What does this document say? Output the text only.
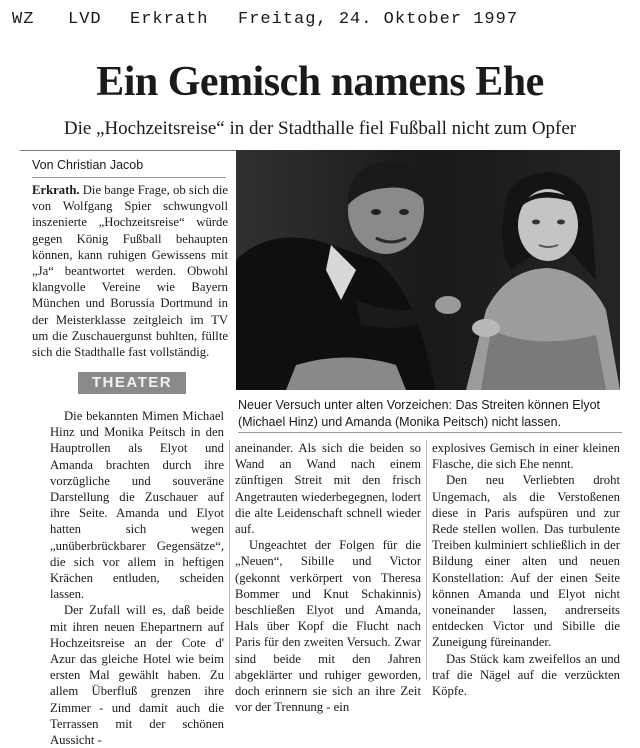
WZ LVD Erkrath Freitag, 24. Oktober 1997
Ein Gemisch namens Ehe
Die „Hochzeitsreise“ in der Stadthalle fiel Fußball nicht zum Opfer
Von Christian Jacob

Erkrath. Die bange Frage, ob sich die von Wolfgang Spier schwungvoll inszenierte „Hochzeitsreise“ würde gegen König Fußball behaupten können, kann ruhigen Gewissens mit „Ja“ beantwortet werden. Obwohl klangvolle Vereine wie Bayern München und Borussia Dortmund in der Meisterklasse zeitgleich im TV um die Zuschauergunst buhlten, füllte sich die Stadthalle fast vollständig.

THEATER
Neuer Versuch unter alten Vorzeichen: Das Streiten können Elyot
(Michael Hinz) und Amanda (Monika Peitsch) nicht lassen.

Die bekannten Mimen Michael Hinz und Monika Peitsch in den Hauptrollen als Elyot und Amanda brachten durch ihre vorzügliche und souveräne Darstellung die Zuschauer auf ihre Seite. Amanda und Elyot hatten sich wegen „unüberbrückbarer Gegensätze“, die sich vor allem in heftigen Krächen entluden, scheiden lassen.

Der Zufall will es, daß beide mit ihren neuen Ehepartnern auf Hochzeitsreise an der Cote d' Azur das gleiche Hotel wie beim ersten Mal gewählt haben. Zu allem Überfluß grenzen ihre Zimmer - und damit auch die Terrassen mit der schönen Aussicht -

aneinander. Als sich die beiden so Wand an Wand nach einem zünftigen Streit mit den frisch Angetrauten wiederbegegnen, lodert die alte Leidenschaft schnell wieder auf.

Ungeachtet der Folgen für die „Neuen“, Sibille und Victor (gekonnt verkörpert von Theresa Bommer und Knut Schakinnis) beschließen Elyot und Amanda, Hals über Kopf die Flucht nach Paris für den zweiten Versuch. Zwar sind beide mit den Jahren abgeklärter und ruhiger geworden, doch erinnern sie sich an ihre Zeit vor der Trennung - ein

explosives Gemisch in einer kleinen Flasche, die sich Ehe nennt.

Den neu Verliebten droht Ungemach, als die Verstoßenen diese in Paris aufspüren und zur Rede stellen wollen. Das turbulente Treiben kulminiert schließlich in der Bildung einer alten und neuen Konstellation: Auf der einen Seite können Amanda und Elyot nicht voneinander lassen, andrerseits entdecken Victor und Sibille die Zuneigung füreinander.

Das Stück kam zweifellos an und traf die Nägel auf die verzückten Köpfe.
